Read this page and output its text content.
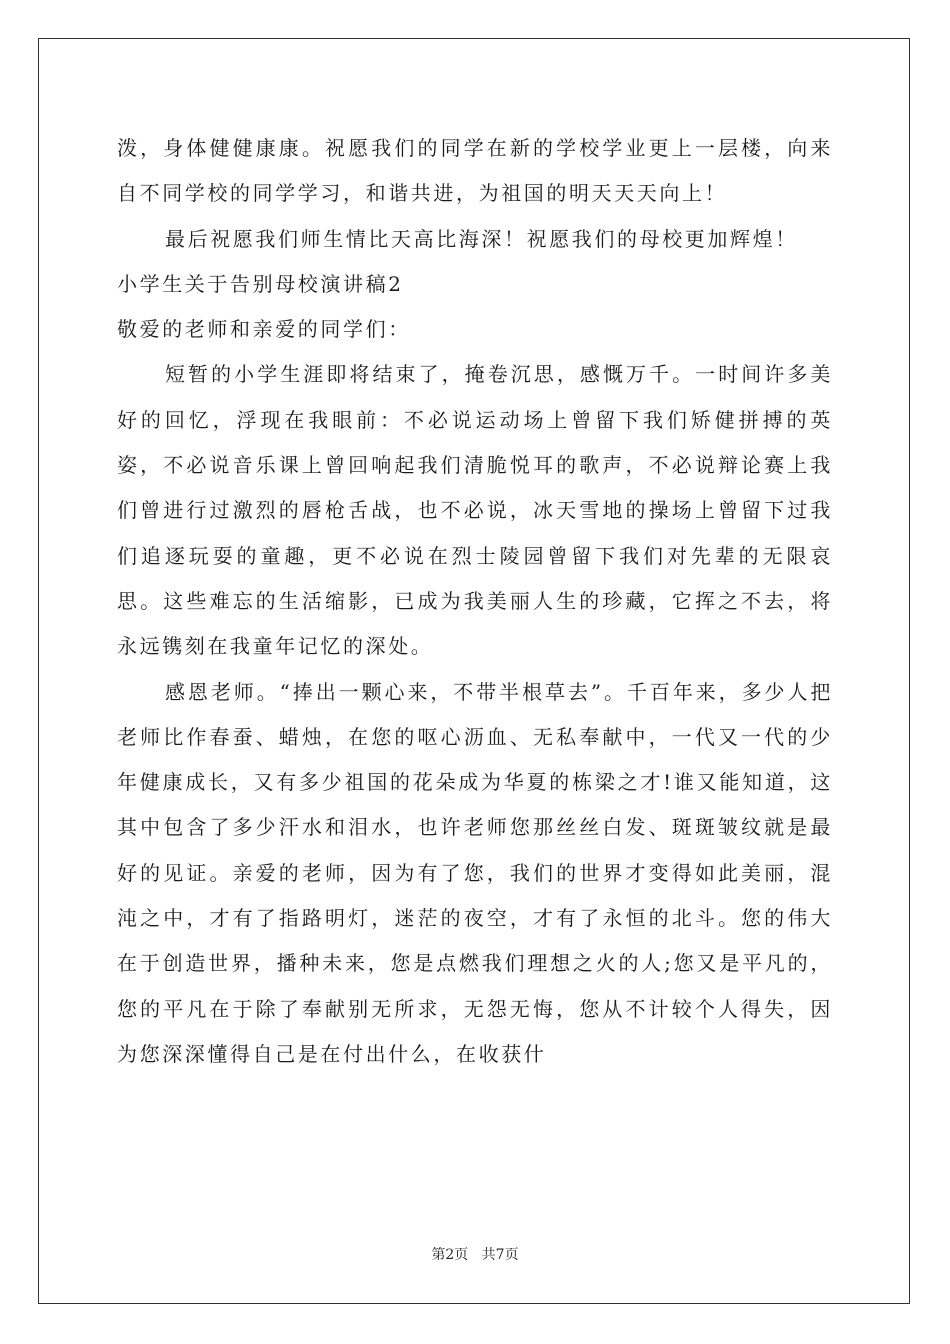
泼，身体健健康康。祝愿我们的同学在新的学校学业更上一层楼，向来自不同学校的同学学习，和谐共进，为祖国的明天天天向上！

最后祝愿我们师生情比天高比海深！祝愿我们的母校更加辉煌！

小学生关于告别母校演讲稿2

敬爱的老师和亲爱的同学们：

短暂的小学生涯即将结束了，掩卷沉思，感慨万千。一时间许多美好的回忆，浮现在我眼前：不必说运动场上曾留下我们矫健拼搏的英姿，不必说音乐课上曾回响起我们清脆悦耳的歌声，不必说辩论赛上我们曾进行过激烈的唇枪舌战，也不必说，冰天雪地的操场上曾留下过我们追逐玩耍的童趣，更不必说在烈士陵园曾留下我们对先辈的无限哀思。这些难忘的生活缩影，已成为我美丽人生的珍藏，它挥之不去，将永远镌刻在我童年记忆的深处。

感恩老师。“捧出一颗心来，不带半根草去”。千百年来，多少人把老师比作春蚕、蜡烛，在您的呕心沥血、无私奉献中，一代又一代的少年健康成长，又有多少祖国的花朵成为华夏的栋梁之才!谁又能知道，这其中包含了多少汗水和泪水，也许老师您那丝丝白发、斑斑皱纹就是最好的见证。亲爱的老师，因为有了您，我们的世界才变得如此美丽，混沌之中，才有了指路明灯，迷茫的夜空，才有了永恒的北斗。您的伟大在于创造世界，播种未来，您是点燃我们理想之火的人;您又是平凡的，您的平凡在于除了奉献别无所求，无怨无悔，您从不计较个人得失，因为您深深懂得自己是在付出什么，在收获什

第2页 共7页
